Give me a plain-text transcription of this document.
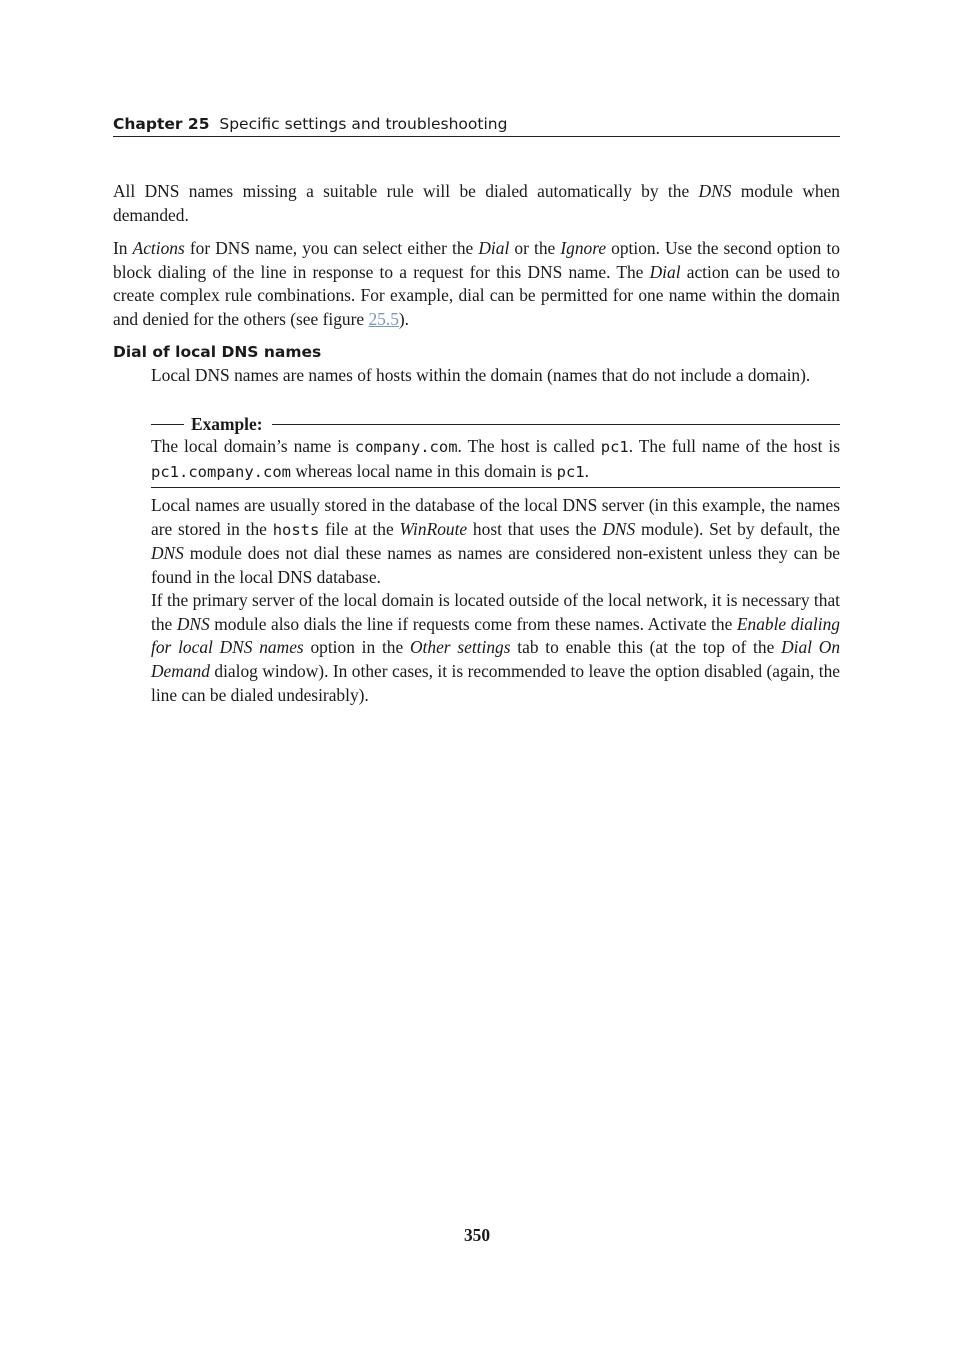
Chapter 25 Specific settings and troubleshooting

All DNS names missing a suitable rule will be dialed automatically by the DNS module when demanded.

In Actions for DNS name, you can select either the Dial or the Ignore option. Use the second option to block dialing of the line in response to a request for this DNS name. The Dial action can be used to create complex rule combinations. For example, dial can be permitted for one name within the domain and denied for the others (see figure 25.5).

Dial of local DNS names

Local DNS names are names of hosts within the domain (names that do not include a domain).

Example:

The local domain’s name is company.com. The host is called pc1. The full name of the host is pc1.company.com whereas local name in this domain is pc1.

Local names are usually stored in the database of the local DNS server (in this example, the names are stored in the hosts file at the WinRoute host that uses the DNS module). Set by default, the DNS module does not dial these names as names are considered non-existent unless they can be found in the local DNS database.

If the primary server of the local domain is located outside of the local network, it is necessary that the DNS module also dials the line if requests come from these names. Activate the Enable dialing for local DNS names option in the Other settings tab to enable this (at the top of the Dial On Demand dialog window). In other cases, it is recommended to leave the option disabled (again, the line can be dialed undesirably).

350
